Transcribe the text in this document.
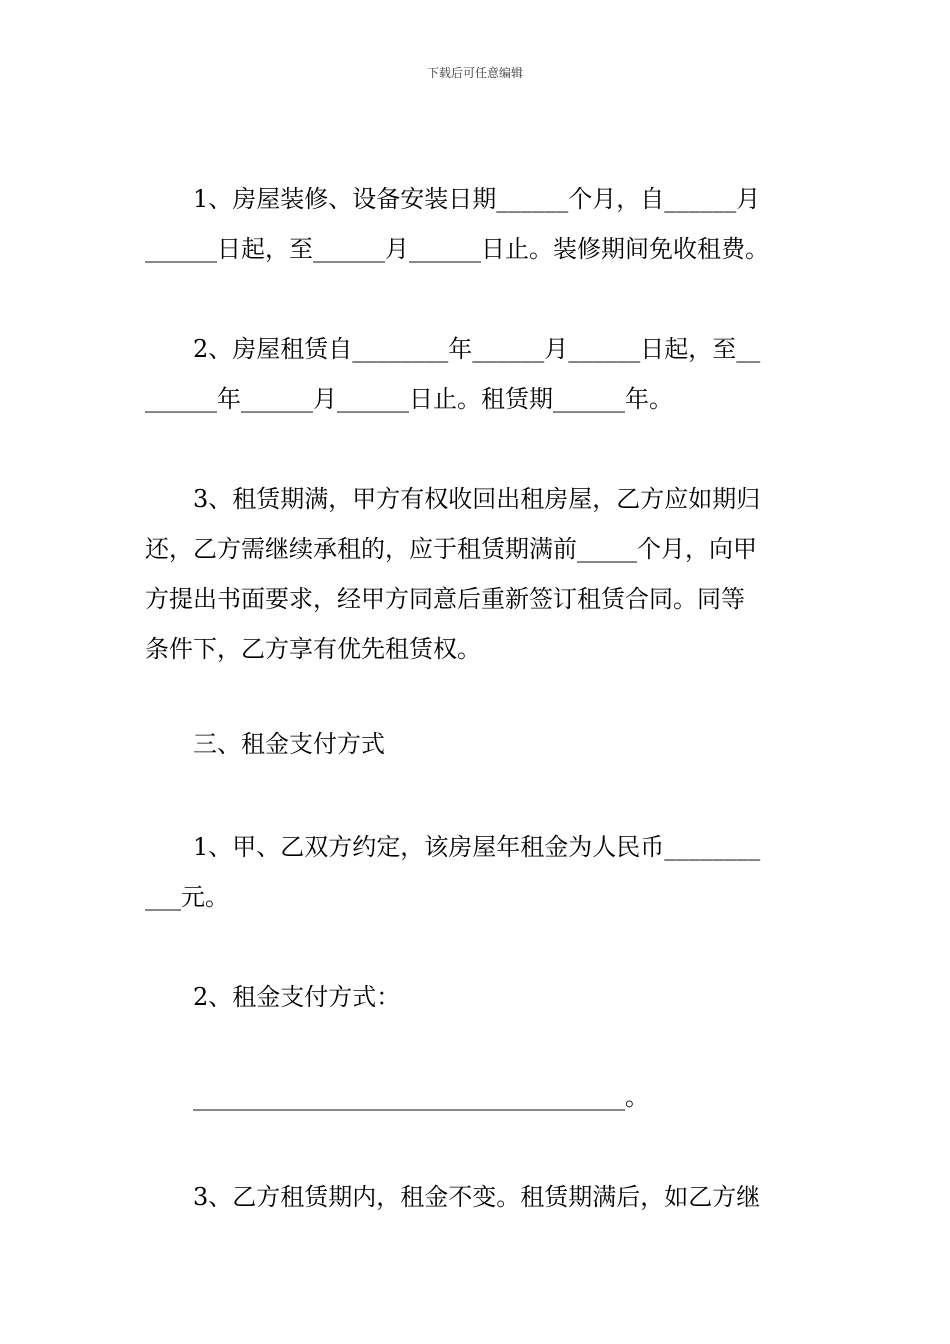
下载后可任意编辑
1、房屋装修、设备安装日期______个月，自______月
______日起，至______月______日止。装修期间免收租费。
2、房屋租赁自________年______月______日起，至__
______年______月______日止。租赁期______年。
3、租赁期满，甲方有权收回出租房屋，乙方应如期归
还，乙方需继续承租的，应于租赁期满前_____个月，向甲
方提出书面要求，经甲方同意后重新签订租赁合同。同等
条件下，乙方享有优先租赁权。
三、租金支付方式
1、甲、乙双方约定，该房屋年租金为人民币________
___元。
2、租金支付方式：
____________________________________。
3、乙方租赁期内，租金不变。租赁期满后，如乙方继
